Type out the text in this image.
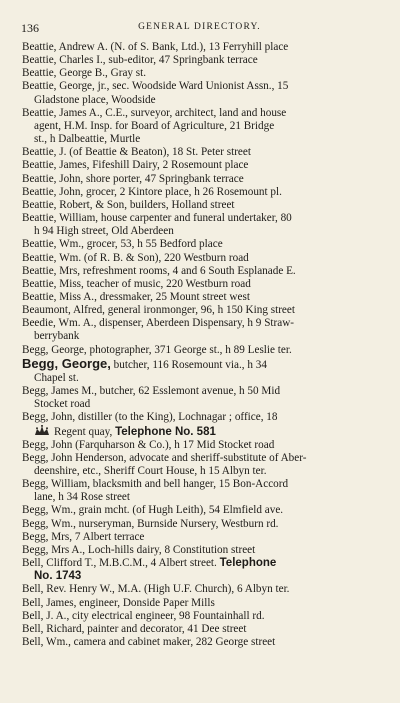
136	GENERAL DIRECTORY.
Beattie, Andrew A. (N. of S. Bank, Ltd.), 13 Ferryhill place
Beattie, Charles I., sub-editor, 47 Springbank terrace
Beattie, George B., Gray st.
Beattie, George, jr., sec. Woodside Ward Unionist Assn., 15
Gladstone place, Woodside
Beattie, James A., C.E., surveyor, architect, land and house
agent, H.M. Insp. for Board of Agriculture, 21 Bridge
st., h Dalbeattie, Murtle
Beattie, J. (of Beattie & Beaton), 18 St. Peter street
Beattie, James, Fifeshill Dairy, 2 Rosemount place
Beattie, John, shore porter, 47 Springbank terrace
Beattie, John, grocer, 2 Kintore place, h 26 Rosemount pl.
Beattie, Robert, & Son, builders, Holland street
Beattie, William, house carpenter and funeral undertaker, 80
h 94 High street, Old Aberdeen
Beattie, Wm., grocer, 53, h 55 Bedford place
Beattie, Wm. (of R. B. & Son), 220 Westburn road
Beattie, Mrs, refreshment rooms, 4 and 6 South Esplanade E.
Beattie, Miss, teacher of music, 220 Westburn road
Beattie, Miss A., dressmaker, 25 Mount street west
Beaumont, Alfred, general ironmonger, 96, h 150 King street
Beedie, Wm. A., dispenser, Aberdeen Dispensary, h 9 Straw-
berrybank
Begg, George, photographer, 371 George st., h 89 Leslie ter.
Begg, George, butcher, 116 Rosemount via., h 34
Chapel st.
Begg, James M., butcher, 62 Esslemont avenue, h 50 Mid
Stocket road
Begg, John, distiller (to the King), Lochnagar ; office, 18
Regent quay, Telephone No. 581
Begg, John (Farquharson & Co.), h 17 Mid Stocket road
Begg, John Henderson, advocate and sheriff-substitute of Aber-
deenshire, etc., Sheriff Court House, h 15 Albyn ter.
Begg, William, blacksmith and bell hanger, 15 Bon-Accord
lane, h 34 Rose street
Begg, Wm., grain mcht. (of Hugh Leith), 54 Elmfield ave.
Begg, Wm., nurseryman, Burnside Nursery, Westburn rd.
Begg, Mrs, 7 Albert terrace
Begg, Mrs A., Loch-hills dairy, 8 Constitution street
Bell, Clifford T., M.B.C.M., 4 Albert street. Telephone
No. 1743
Bell, Rev. Henry W., M.A. (High U.F. Church), 6 Albyn ter.
Bell, James, engineer, Donside Paper Mills
Bell, J. A., city electrical engineer, 98 Fountainhall rd.
Bell, Richard, painter and decorator, 41 Dee street
Bell, Wm., camera and cabinet maker, 282 George street
